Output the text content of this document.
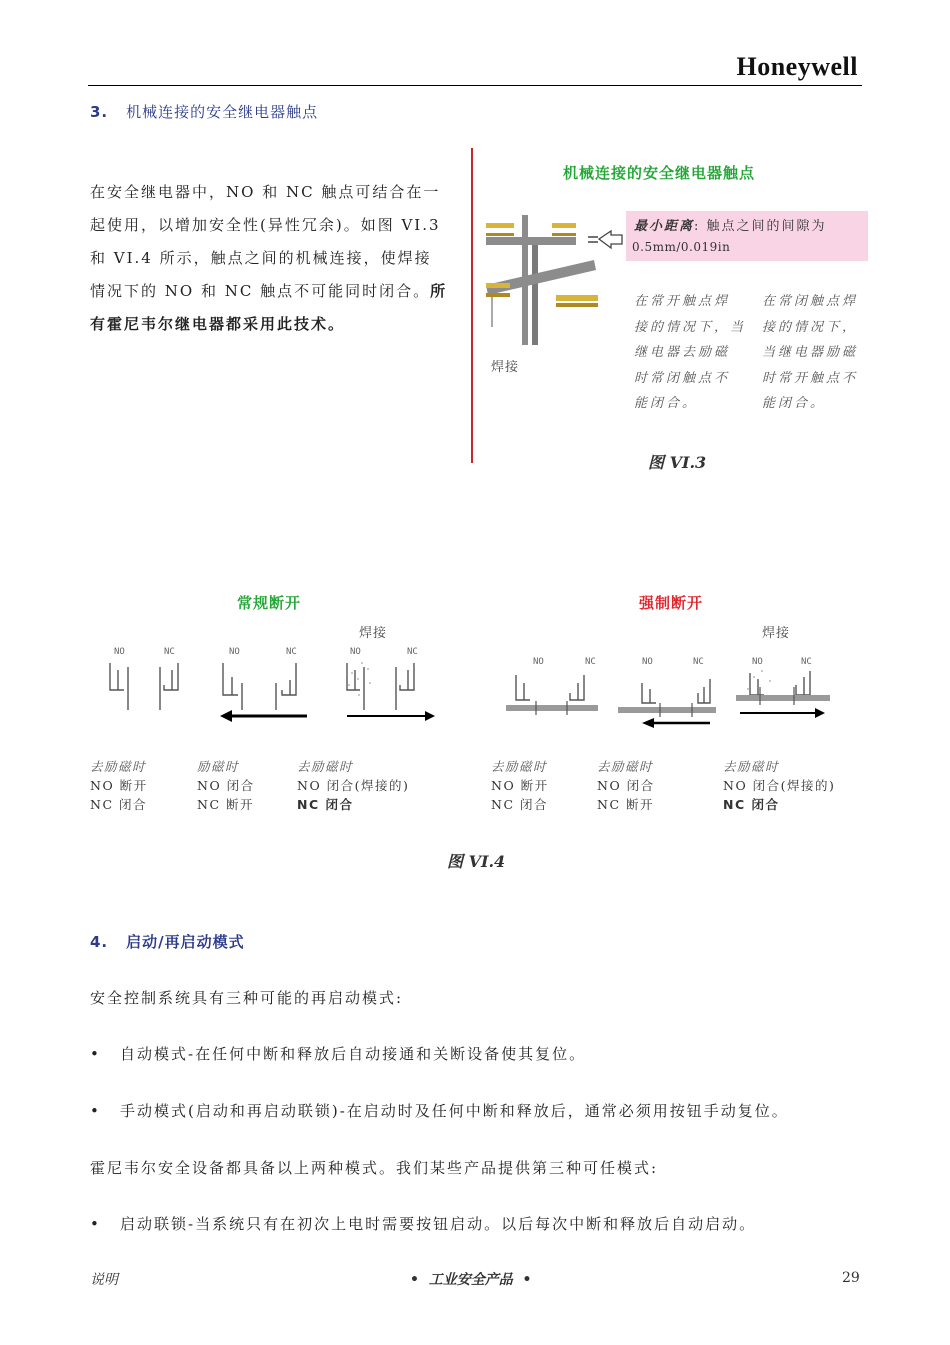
Honeywell
3. 机械连接的安全继电器触点
在安全继电器中，NO 和 NC 触点可结合在一
起使用，以增加安全性(异性冗余)。如图 VI.3
和 VI.4 所示，触点之间的机械连接，使焊接
情况下的 NO 和 NC 触点不可能同时闭合。所
有霍尼韦尔继电器都采用此技术。
机械连接的安全继电器触点
最小距离: 触点之间的间隙为
0.5mm/0.019in
焊接
在常开触点焊
接的情况下，当
继电器去励磁
时常闭触点不
能闭合。
在常闭触点焊
接的情况下，
当继电器励磁
时常开触点不
能闭合。
图 VI.3
常规断开	强制断开
焊接	焊接
NO	NC	NO	NC	NO	NC
NO	NC	NO	NC	NO	NC
去励磁时
NO 断开
NC 闭合
励磁时
NO 闭合
NC 断开
去励磁时
NO 闭合(焊接的)
NC 闭合
去励磁时
NO 断开
NC 闭合
去励磁时
NO 闭合
NC 断开
去励磁时
NO 闭合(焊接的)
NC 闭合
图 VI.4
4. 启动/再启动模式
安全控制系统具有三种可能的再启动模式:
• 自动模式-在任何中断和释放后自动接通和关断设备使其复位。
• 手动模式(启动和再启动联锁)-在启动时及任何中断和释放后，通常必须用按钮手动复位。
霍尼韦尔安全设备都具备以上两种模式。我们某些产品提供第三种可任模式:
• 启动联锁-当系统只有在初次上电时需要按钮启动。以后每次中断和释放后自动启动。
说明	•  工业安全产品  •	29
